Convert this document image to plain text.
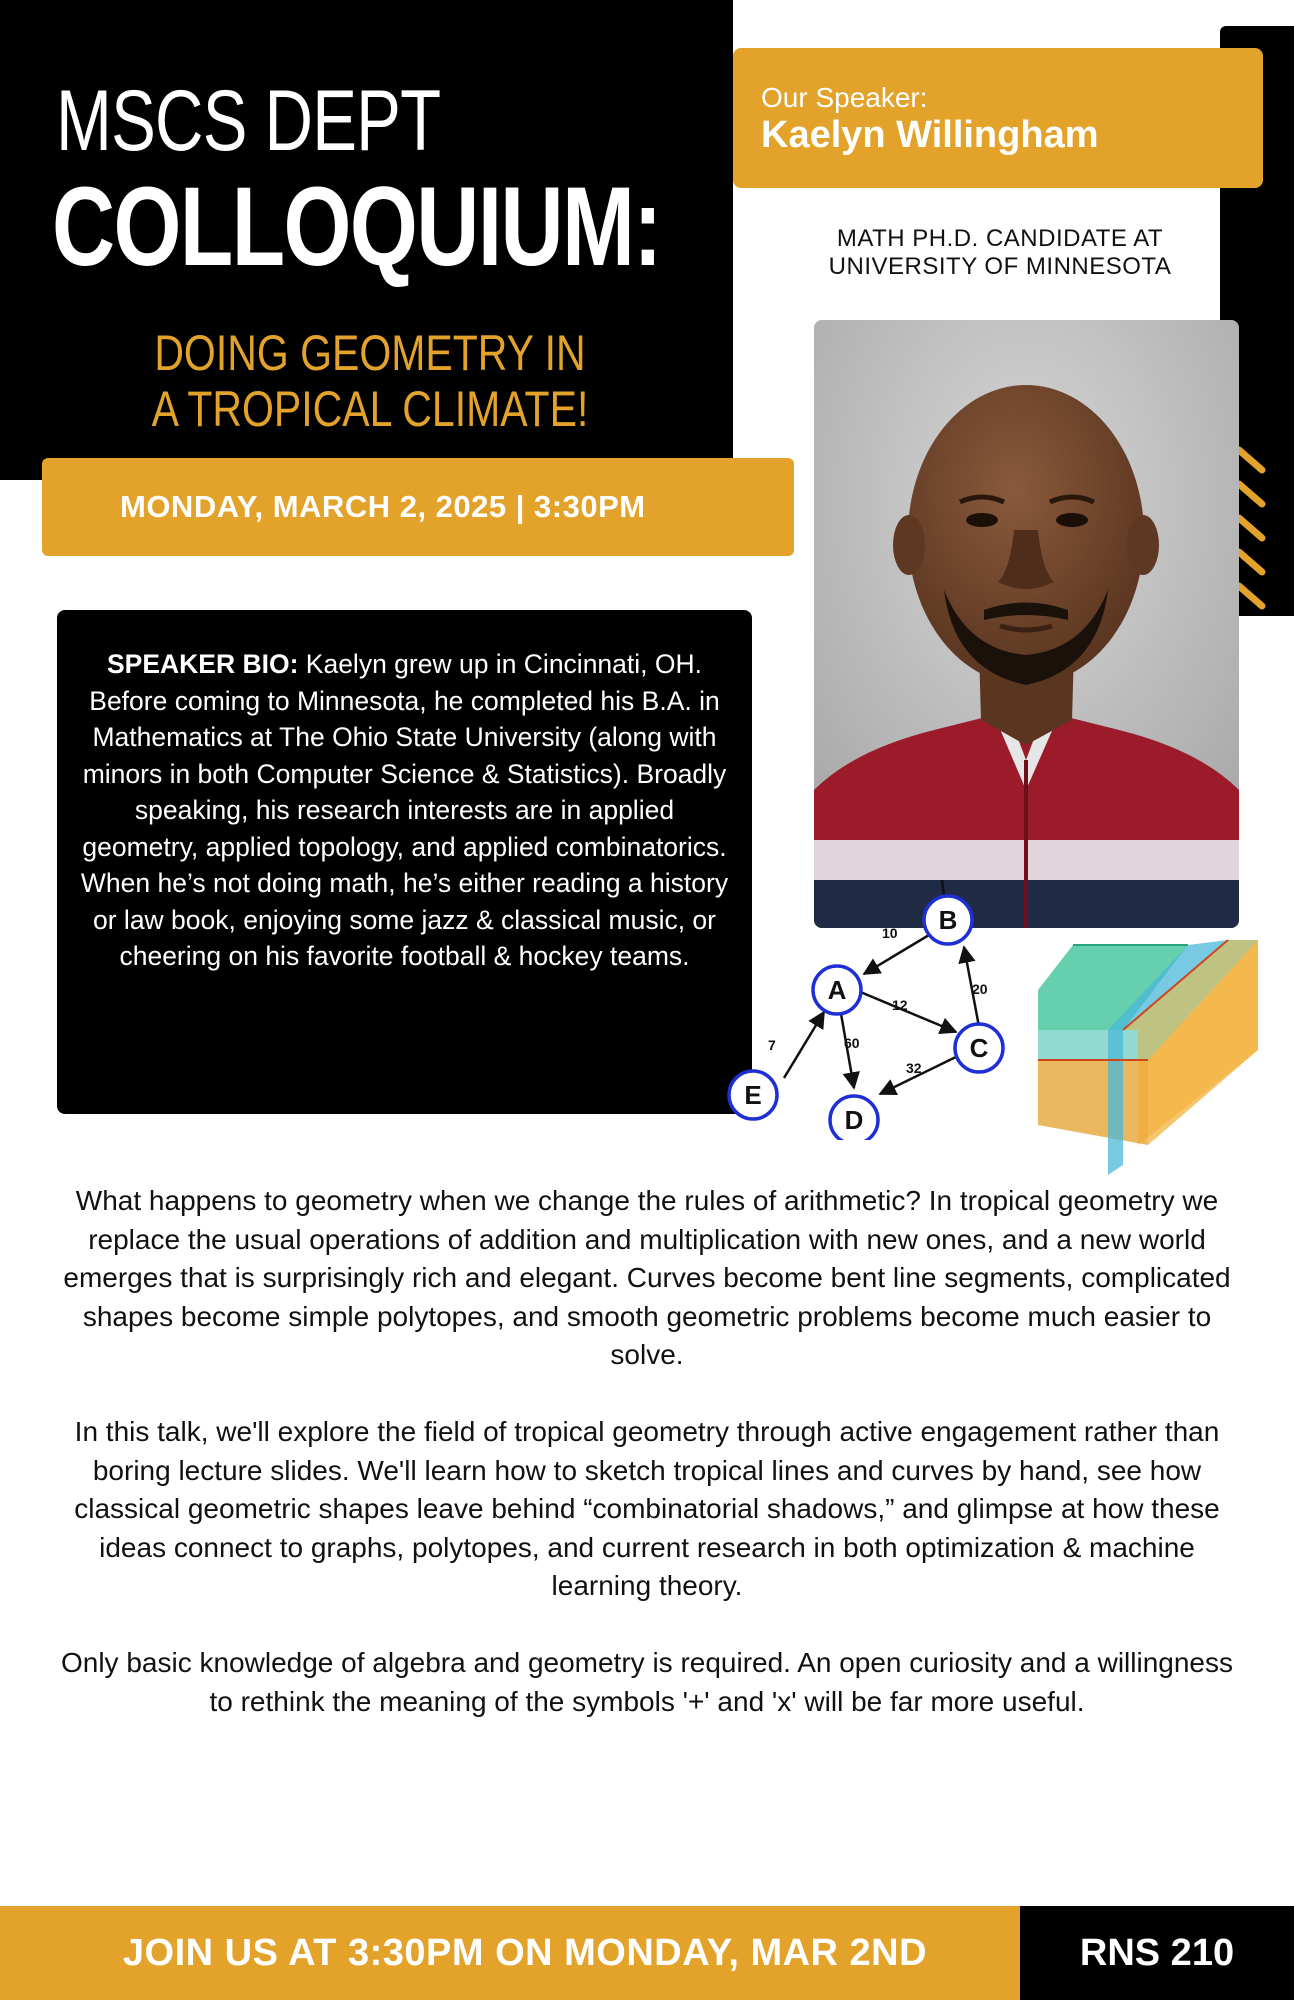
MSCS DEPT
COLLOQUIUM:
DOING GEOMETRY IN A TROPICAL CLIMATE!
MONDAY, MARCH 2, 2025 | 3:30PM
Our Speaker:
Kaelyn Willingham
MATH PH.D. CANDIDATE AT UNIVERSITY OF MINNESOTA
SPEAKER BIO: Kaelyn grew up in Cincinnati, OH. Before coming to Minnesota, he completed his B.A. in Mathematics at The Ohio State University (along with minors in both Computer Science & Statistics). Broadly speaking, his research interests are in applied geometry, applied topology, and applied combinatorics. When he’s not doing math, he’s either reading a history or law book, enjoying some jazz & classical music, or cheering on his favorite football & hockey teams.
10
20
12
60
32
7
A
B
C
D
E

What happens to geometry when we change the rules of arithmetic? In tropical geometry we replace the usual operations of addition and multiplication with new ones, and a new world emerges that is surprisingly rich and elegant. Curves become bent line segments, complicated shapes become simple polytopes, and smooth geometric problems become much easier to solve.

In this talk, we'll explore the field of tropical geometry through active engagement rather than boring lecture slides. We'll learn how to sketch tropical lines and curves by hand, see how classical geometric shapes leave behind “combinatorial shadows,” and glimpse at how these ideas connect to graphs, polytopes, and current research in both optimization & machine learning theory.

Only basic knowledge of algebra and geometry is required. An open curiosity and a willingness to rethink the meaning of the symbols '+' and 'x' will be far more useful.

JOIN US AT 3:30PM ON MONDAY, MAR 2ND	RNS 210
